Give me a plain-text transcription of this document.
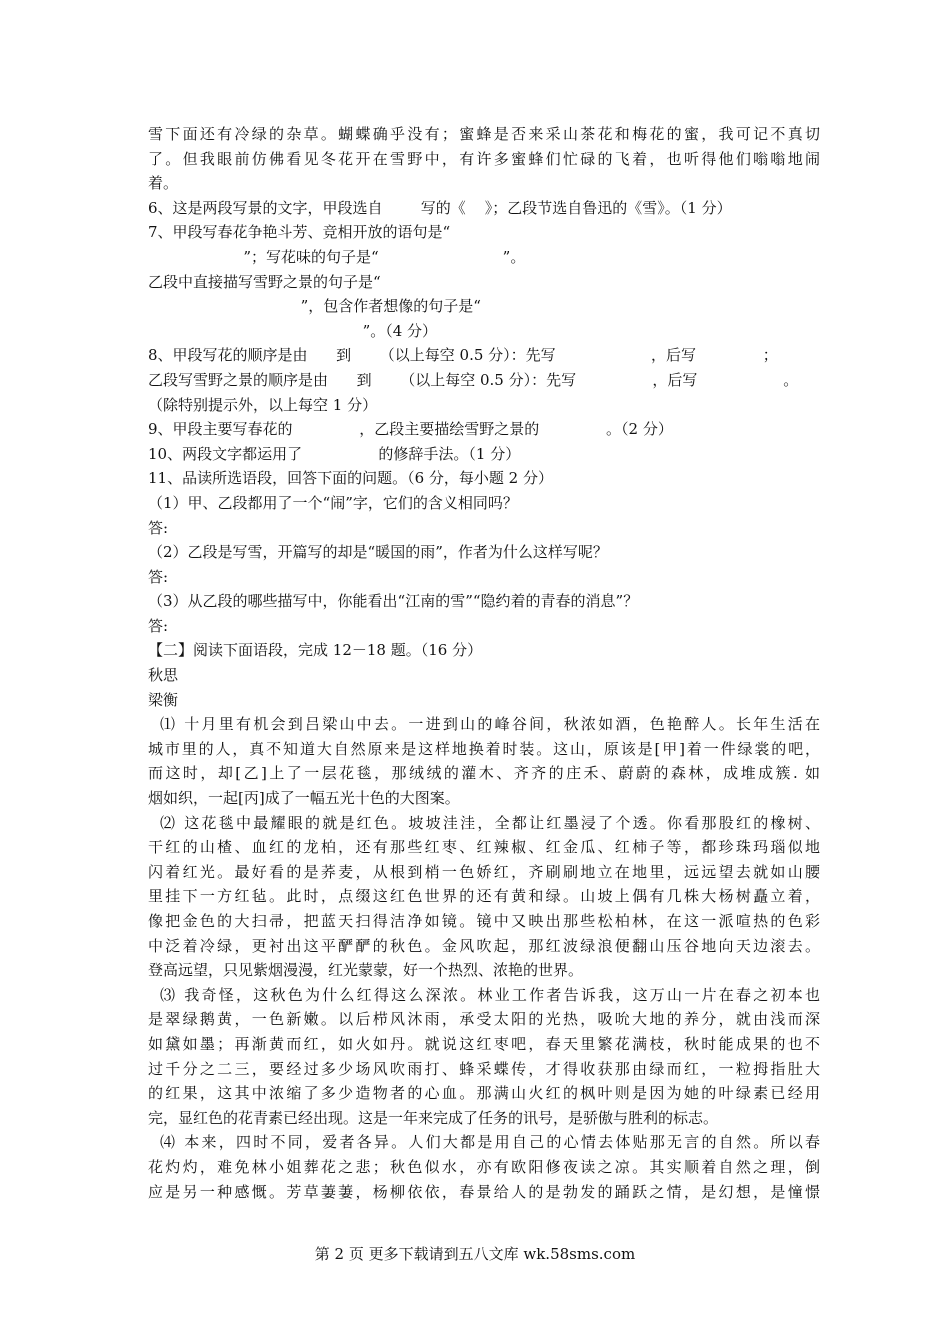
雪下面还有冷绿的杂草。蝴蝶确乎没有；蜜蜂是否来采山茶花和梅花的蜜，我可记不真切
了。但我眼前仿佛看见冬花开在雪野中，有许多蜜蜂们忙碌的飞着，也听得他们嗡嗡地闹
着。
6、这是两段写景的文字，甲段选自        写的《    》；乙段节选自鲁迅的《雪》。（1 分）
7、甲段写春花争艳斗芳、竞相开放的语句是“
”；写花味的句子是“                          ”。
乙段中直接描写雪野之景的句子是“
”，包含作者想像的句子是“
”。（4 分）
8、甲段写花的顺序是由      到      （以上每空 0.5 分）：先写                    ，后写              ；
乙段写雪野之景的顺序是由      到      （以上每空 0.5 分）：先写                ，后写                  。
（除特别提示外，以上每空 1 分）
9、甲段主要写春花的              ，乙段主要描绘雪野之景的              。（2 分）
10、两段文字都运用了                的修辞手法。（1 分）
11、品读所选语段，回答下面的问题。（6 分，每小题 2 分）
（1）甲、乙段都用了一个“闹”字，它们的含义相同吗？
答:
（2）乙段是写雪，开篇写的却是“暖国的雨”，作者为什么这样写呢？
答:
（3）从乙段的哪些描写中，你能看出“江南的雪”“隐约着的青春的消息”？
答:
【二】阅读下面语段，完成 12－18 题。（16 分）
秋思
梁衡
⑴ 十月里有机会到吕梁山中去。一进到山的峰谷间，秋浓如酒，色艳醉人。长年生活在
城市里的人，真不知道大自然原来是这样地换着时装。这山，原该是[甲]着一件绿裳的吧，
而这时，却[乙]上了一层花毯，那绒绒的灌木、齐齐的庄禾、蔚蔚的森林，成堆成簇. 如
烟如织，一起[丙]成了一幅五光十色的大图案。
⑵ 这花毯中最耀眼的就是红色。坡坡洼洼，全都让红墨浸了个透。你看那股红的橡树、
干红的山楂、血红的龙柏，还有那些红枣、红辣椒、红金瓜、红柿子等，都珍珠玛瑙似地
闪着红光。最好看的是荞麦，从根到梢一色娇红，齐刷刷地立在地里，远远望去就如山腰
里挂下一方红毡。此时，点缀这红色世界的还有黄和绿。山坡上偶有几株大杨树矗立着，
像把金色的大扫帚，把蓝天扫得洁净如镜。镜中又映出那些松柏林，在这一派喧热的色彩
中泛着冷绿，更衬出这平酽酽的秋色。金风吹起，那红波绿浪便翻山压谷地向天边滚去。
登高远望，只见紫烟漫漫，红光蒙蒙，好一个热烈、浓艳的世界。
⑶ 我奇怪，这秋色为什么红得这么深浓。林业工作者告诉我，这万山一片在春之初本也
是翠绿鹅黄，一色新嫩。以后栉风沐雨，承受太阳的光热，吸吮大地的养分，就由浅而深
如黛如墨；再渐黄而红，如火如丹。就说这红枣吧，春天里繁花满枝，秋时能成果的也不
过千分之二三，要经过多少场风吹雨打、蜂采蝶传，才得收获那由绿而红，一粒拇指肚大
的红果，这其中浓缩了多少造物者的心血。那满山火红的枫叶则是因为她的叶绿素已经用
完，显红色的花青素已经出现。这是一年来完成了任务的讯号，是骄傲与胜利的标志。
⑷ 本来，四时不同，爱者各异。人们大都是用自己的心情去体贴那无言的自然。所以春
花灼灼，难免林小姐葬花之悲；秋色似水，亦有欧阳修夜读之凉。其实顺着自然之理，倒
应是另一种感慨。芳草萋萋，杨柳依依，春景给人的是勃发的踊跃之情，是幻想，是憧憬
第 2 页 更多下载请到五八文库 wk.58sms.com
